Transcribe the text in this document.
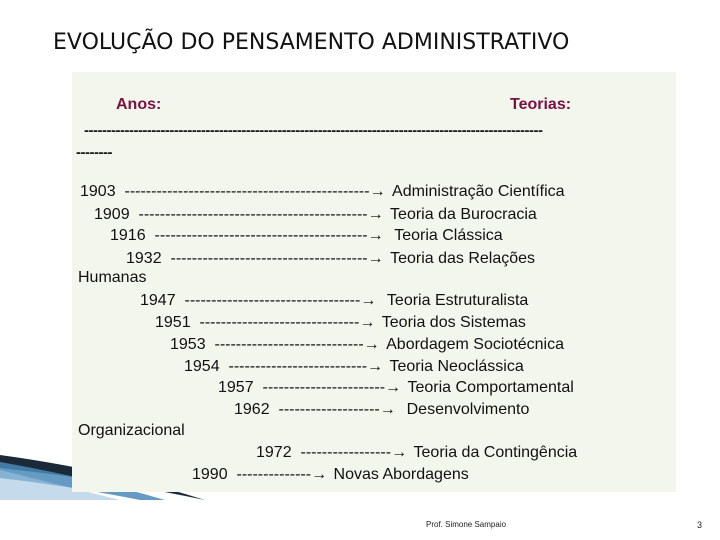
EVOLUÇÃO DO PENSAMENTO ADMINISTRATIVO
Anos:	Teorias:
------------------------------------------------------------------------------------------------------
--------
1903 ----------------------------------------------→ Administração Científica
1909 -------------------------------------------→ Teoria da Burocracia
1916 ----------------------------------------→  Teoria Clássica
1932 -------------------------------------→ Teoria das Relações
1947 ---------------------------------→  Teoria Estruturalista
1951 ------------------------------→ Teoria dos Sistemas
1953 ----------------------------→ Abordagem Sociotécnica
1954 --------------------------→ Teoria Neoclássica
1957 -----------------------→ Teoria Comportamental
1962 -------------------→  Desenvolvimento
1972 -----------------→ Teoria da Contingência
1990 --------------→ Novas Abordagens
Humanas
Organizacional
Prof. Simone Sampaio	3
